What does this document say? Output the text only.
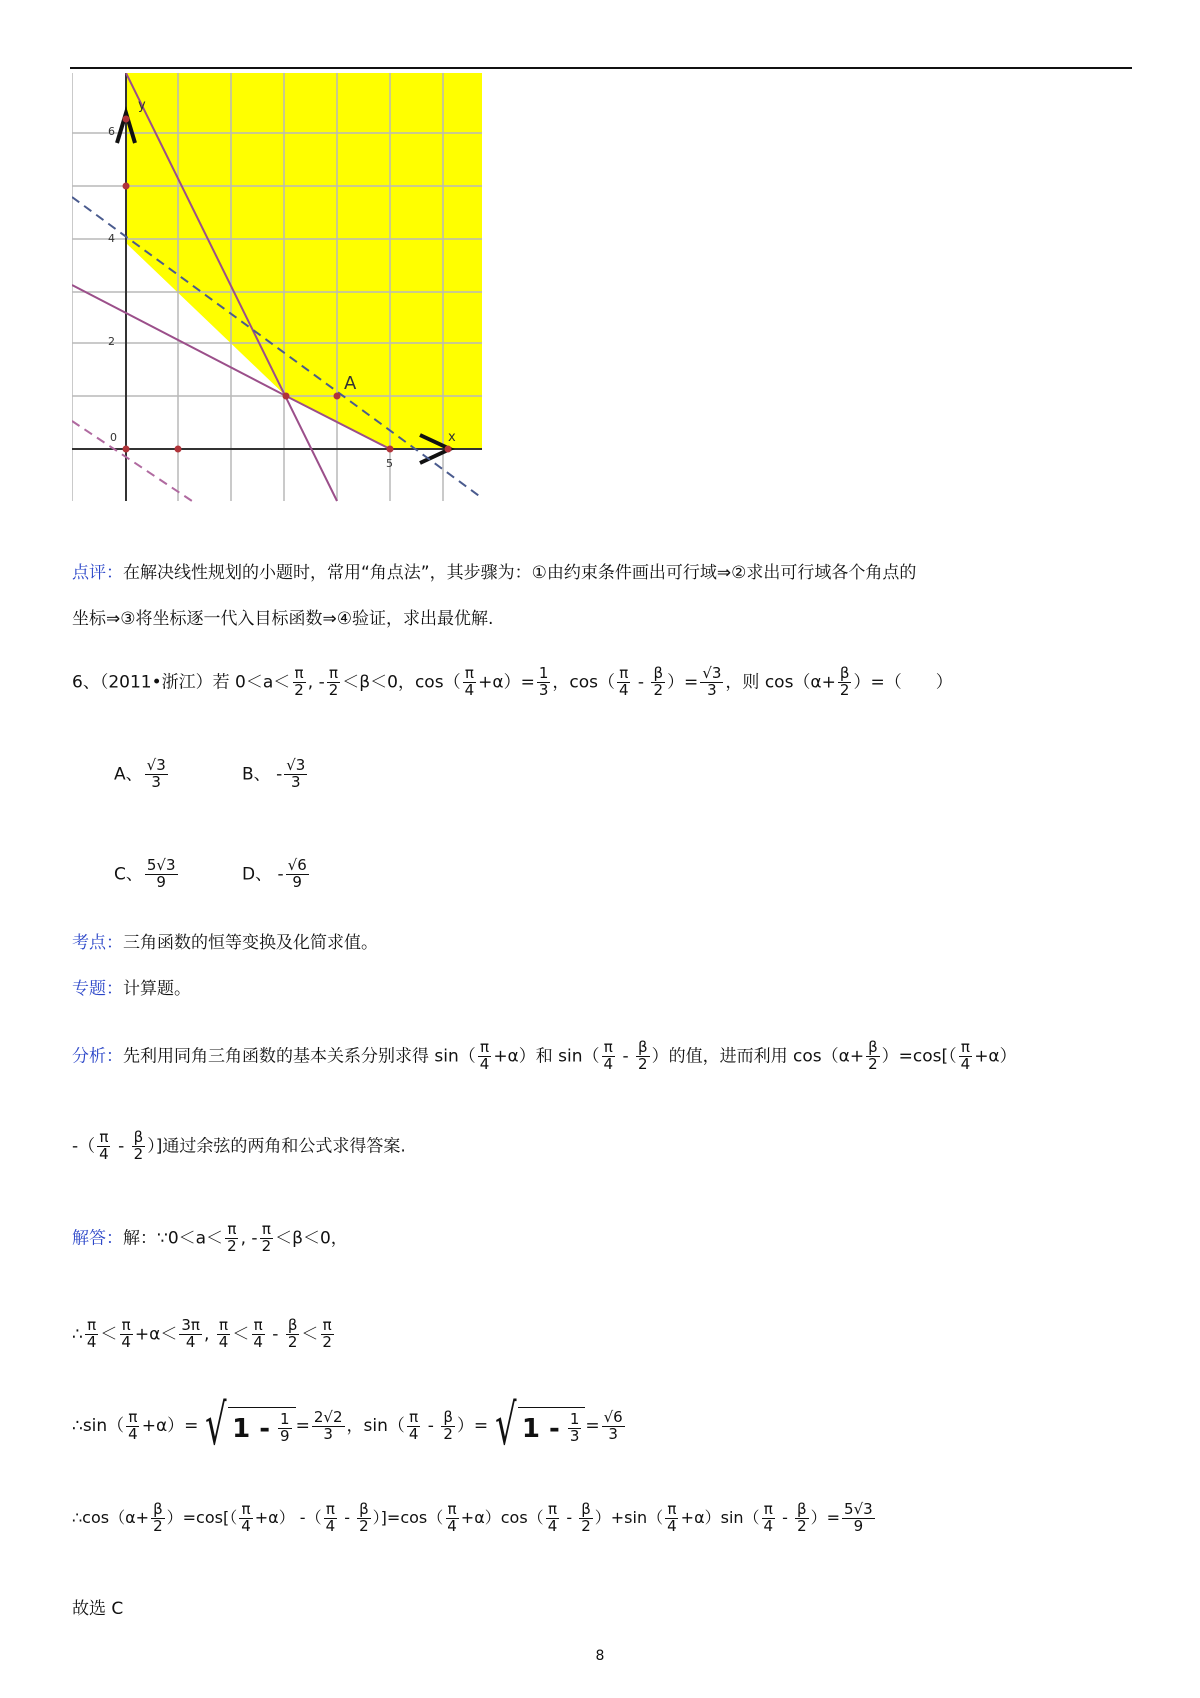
6
4
2
0
5
y
x
A
点评：在解决线性规划的小题时，常用“角点法”，其步骤为：①由约束条件画出可行域⇒②求出可行域各个角点的
坐标⇒③将坐标逐一代入目标函数⇒④验证，求出最优解.
6、（2011•浙江）若 $0<a< \frac{\pi}{2}$ , - $\frac{\pi}{2} <\beta<0$，$\cos( \frac{\pi}{4} +\alpha)= \frac{1}{3}$ ，$\cos( \frac{\pi}{4} - \frac{\beta}{2}$ ）= $\frac{√3}{3}$ ，则 $\cos(\alpha+ \frac{\beta}{2}$ ）=（　　）
A、 $\frac{√3}{3}$	B、 - $\frac{√3}{3}$
C、 $\frac{5√3}{9}$	D、 - $\frac{√6}{9}$
考点：三角函数的恒等变换及化简求值。
专题：计算题。
分析：先利用同角三角函数的基本关系分别求得 $\sin( \frac{\pi}{4} +\alpha)$和 $\sin( \frac{\pi}{4} - \frac{\beta}{2}$ ）的值，进而利用 $\cos(\alpha+ \frac{\beta}{2} )=\cos[( \frac{\pi}{4} +\alpha)$
-（ $\frac{\pi}{4} - \frac{\beta}{2}$ ）]通过余弦的两角和公式求得答案.
解答：解：∵0＜a＜ $\frac{\pi}{2}$ , - $\frac{\pi}{2} <\beta<0$，
∴ $\frac{\pi}{4} < \frac{\pi}{4} +\alpha< \frac{3\pi}{4}$ , $\frac{\pi}{4} < \frac{\pi}{4} - \frac{\beta}{2} < \frac{\pi}{2}$
∴sin（ $\frac{\pi}{4} +\alpha)=$ √ $1 - \frac{1}{9} = \frac{2√2}{3}$ ，$\sin( \frac{\pi}{4} - \frac{\beta}{2}$ ）= √ $1 - \frac{1}{3} = \frac{√6}{3}$
∴cos（α+ $\frac{\beta}{2} )=\cos[( \frac{\pi}{4} +\alpha)$ -（ $\frac{\pi}{4} - \frac{\beta}{2} )]=\cos( \frac{\pi}{4} +\alpha)\cos( \frac{\pi}{4} - \frac{\beta}{2} )+\sin( \frac{\pi}{4} +\alpha)\sin( \frac{\pi}{4} - \frac{\beta}{2}$ ）= $\frac{5√3}{9}$
故选 C
8
